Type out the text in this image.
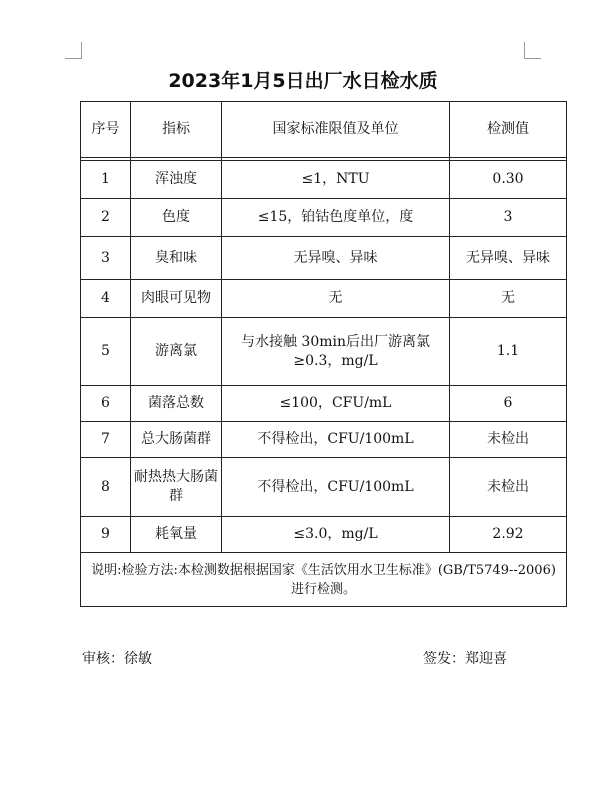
2023年1月5日出厂水日检水质
序号	指标	国家标准限值及单位	检测值

1	浑浊度	≤1，NTU	0.30
2	色度	≤15，铂钴色度单位，度	3
3	臭和味	无异嗅、异味	无异嗅、异味
4	肉眼可见物	无	无
5	游离氯	与水接触 30min后出厂游离氯≥0.3，mg/L	1.1
6	菌落总数	≤100，CFU/mL	6
7	总大肠菌群	不得检出，CFU/100mL	未检出
8	耐热热大肠菌群	不得检出，CFU/100mL	未检出
9	耗氧量	≤3.0，mg/L	2.92
说明:检验方法:本检测数据根据国家《生活饮用水卫生标准》(GB/T5749--2006) 进行检测。			
审核：徐敏	签发：郑迎喜
